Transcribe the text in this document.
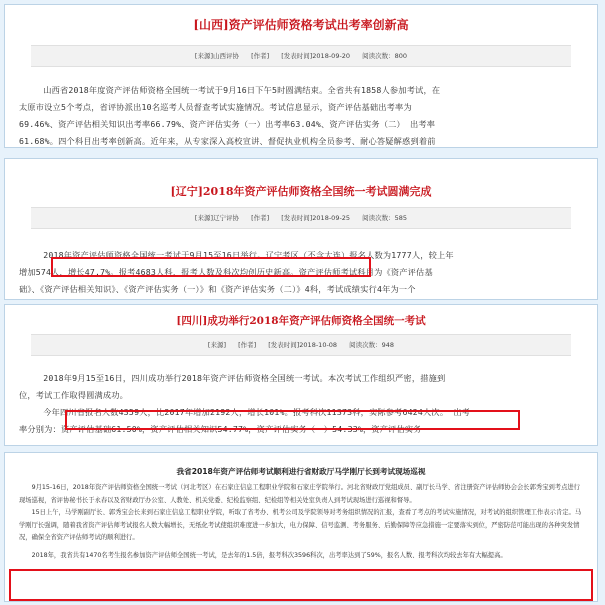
[山西]资产评估师资格考试出考率创新高
[来源]山西评协 [作者] [发表时间]2018-09-20 阅读次数：800
山西省2018年度资产评估师资格全国统一考试于9月16日下午5时圆满结束。全省共有1858人参加考试，在
太原市设立5个考点，省评协派出10名巡考人员督查考试实施情况。考试信息显示，资产评估基础出考率为
69.46%、资产评估相关知识出考率66.79%、资产评估实务（一）出考率63.04%、资产评估实务（二） 出考率
61.68%。四个科目出考率创新高。近年来，从专家深入高校宣讲、督促执业机构全员参考、耐心答疑解惑到着前
[辽宁]2018年资产评估师资格全国统一考试圆满完成
[来源]辽宁评协 [作者] [发表时间]2018-09-25 阅读次数：585
2018年资产评估师资格全国统一考试于9月15至16日举行。辽宁考区（不含大连）报名人数为1777人，较上年
增加574人，增长47.7%。报考4683人科，报考人数及科次均创历史新高。资产评估师考试科目为《资产评估基
础》、《资产评估相关知识》、《资产评估实务（一）》和《资产评估实务（二）》4科，考试成绩实行4年为一个
[四川]成功举行2018年资产评估师资格全国统一考试
[来源] [作者] [发表时间]2018-10-08 阅读次数：948
2018年9月15至16日，四川成功举行2018年资产评估师资格全国统一考试。本次考试工作组织严密，措施到
位，考试工作取得圆满成功。
今年四川省报名人数4359人，比2017年增加2192人，增长101%。报考科次11373科，实际参考6424人次。 出考
率分别为：资产评估基础61.50%，资产评估相关知识54.77%，资产评估实务（一）54.33%，资产评估实务
我省2018年资产评估师考试顺利进行省财政厅马学刚厅长到考试现场巡视

9月15-16日，2018年资产评估师资格全国统一考试（河北考区）在石家庄信息工程职业学院和石家庄学院举行。河北省财政厅党组成员、副厅长马学、省注册资产评估师协会会长郭秀宝到考点进行现场巡视，省评协秘书长于永春以及省财政厅办公室、人教处、机关党委、纪检监察组、纪检组等相关处室负责人到考试现场进行巡视和督导。

15日上午，马学刚副厅长、郭秀宝会长来到石家庄信息工程职业学院，听取了省考办、机考公司及学院领导对考务组织情况的汇报，查看了考点的考试实施情况，对考试的组织管理工作表示肯定。马学刚厅长强调，随着我省资产评估师考试报名人数大幅增长，无纸化考试使组织难度进一步加大，电力保障、信号监测、考务服务、后勤保障等应急措施一定要落实到位，严密防范可能出现的各种突发情况，确保全省资产评估师考试的顺利进行。

2018年，我省共有1470名考生报名参加资产评估师全国统一考试，是去年的1.5倍，报考科次3596科次，出考率达到了59%，报名人数、报考科次均较去年有大幅提高。
